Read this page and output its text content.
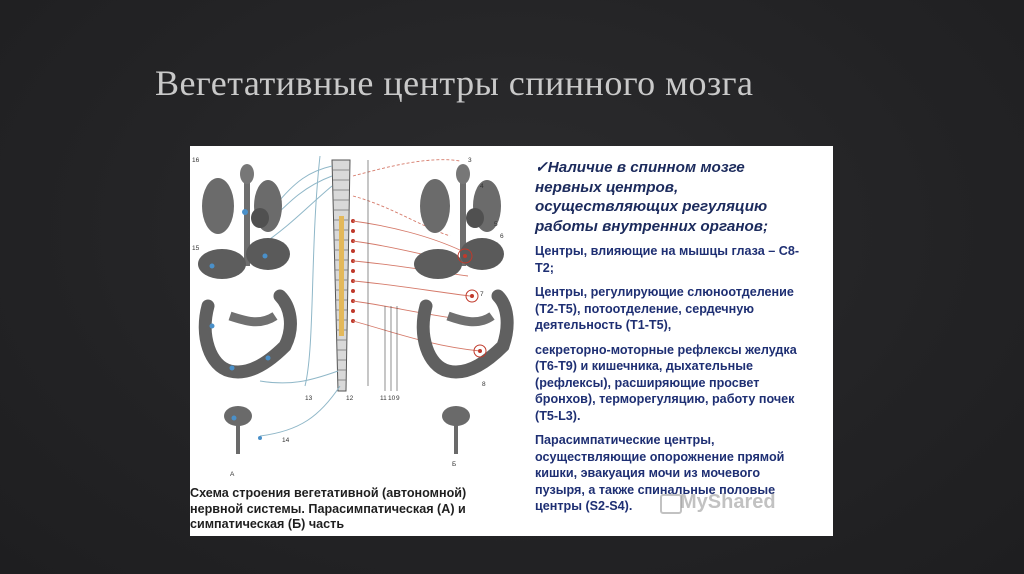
Вегетативные центры спинного мозга
16
15
13
14
12	11 10 9
3
4
5
6
7
8
А
Б
Схема строения вегетативной (автономной)
нервной системы. Парасимпатическая (А) и
симпатическая (Б) часть

✓Наличие в спинном мозге
нервных центров,
осуществляющих регуляцию
работы внутренних органов;

Центры, влияющие на мышцы глаза – C8-
T2;

Центры, регулирующие слюноотделение
(T2-T5), потоотделение, сердечную
деятельность (T1-T5),

секреторно-моторные рефлексы желудка
(T6-T9) и кишечника, дыхательные
(рефлексы), расширяющие просвет
бронхов), терморегуляцию, работу почек
(T5-L3).

Парасимпатические центры,
осуществляющие опорожнение прямой
кишки, эвакуация мочи из мочевого
пузыря, а также спинальные половые
центры (S2-S4).	MyShared
